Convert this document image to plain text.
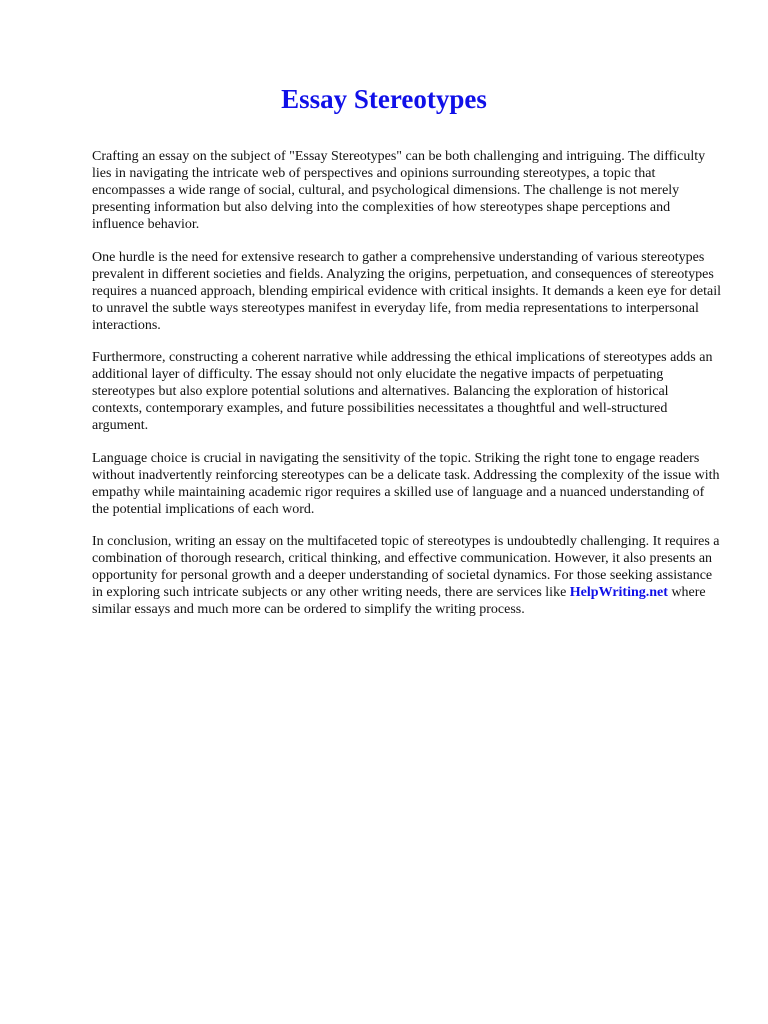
Essay Stereotypes

Crafting an essay on the subject of "Essay Stereotypes" can be both challenging and intriguing. The difficulty lies in navigating the intricate web of perspectives and opinions surrounding stereotypes, a topic that encompasses a wide range of social, cultural, and psychological dimensions. The challenge is not merely presenting information but also delving into the complexities of how stereotypes shape perceptions and influence behavior.

One hurdle is the need for extensive research to gather a comprehensive understanding of various stereotypes prevalent in different societies and fields. Analyzing the origins, perpetuation, and consequences of stereotypes requires a nuanced approach, blending empirical evidence with critical insights. It demands a keen eye for detail to unravel the subtle ways stereotypes manifest in everyday life, from media representations to interpersonal interactions.

Furthermore, constructing a coherent narrative while addressing the ethical implications of stereotypes adds an additional layer of difficulty. The essay should not only elucidate the negative impacts of perpetuating stereotypes but also explore potential solutions and alternatives. Balancing the exploration of historical contexts, contemporary examples, and future possibilities necessitates a thoughtful and well-structured argument.

Language choice is crucial in navigating the sensitivity of the topic. Striking the right tone to engage readers without inadvertently reinforcing stereotypes can be a delicate task. Addressing the complexity of the issue with empathy while maintaining academic rigor requires a skilled use of language and a nuanced understanding of the potential implications of each word.

In conclusion, writing an essay on the multifaceted topic of stereotypes is undoubtedly challenging. It requires a combination of thorough research, critical thinking, and effective communication. However, it also presents an opportunity for personal growth and a deeper understanding of societal dynamics. For those seeking assistance in exploring such intricate subjects or any other writing needs, there are services like HelpWriting.net where similar essays and much more can be ordered to simplify the writing process.
